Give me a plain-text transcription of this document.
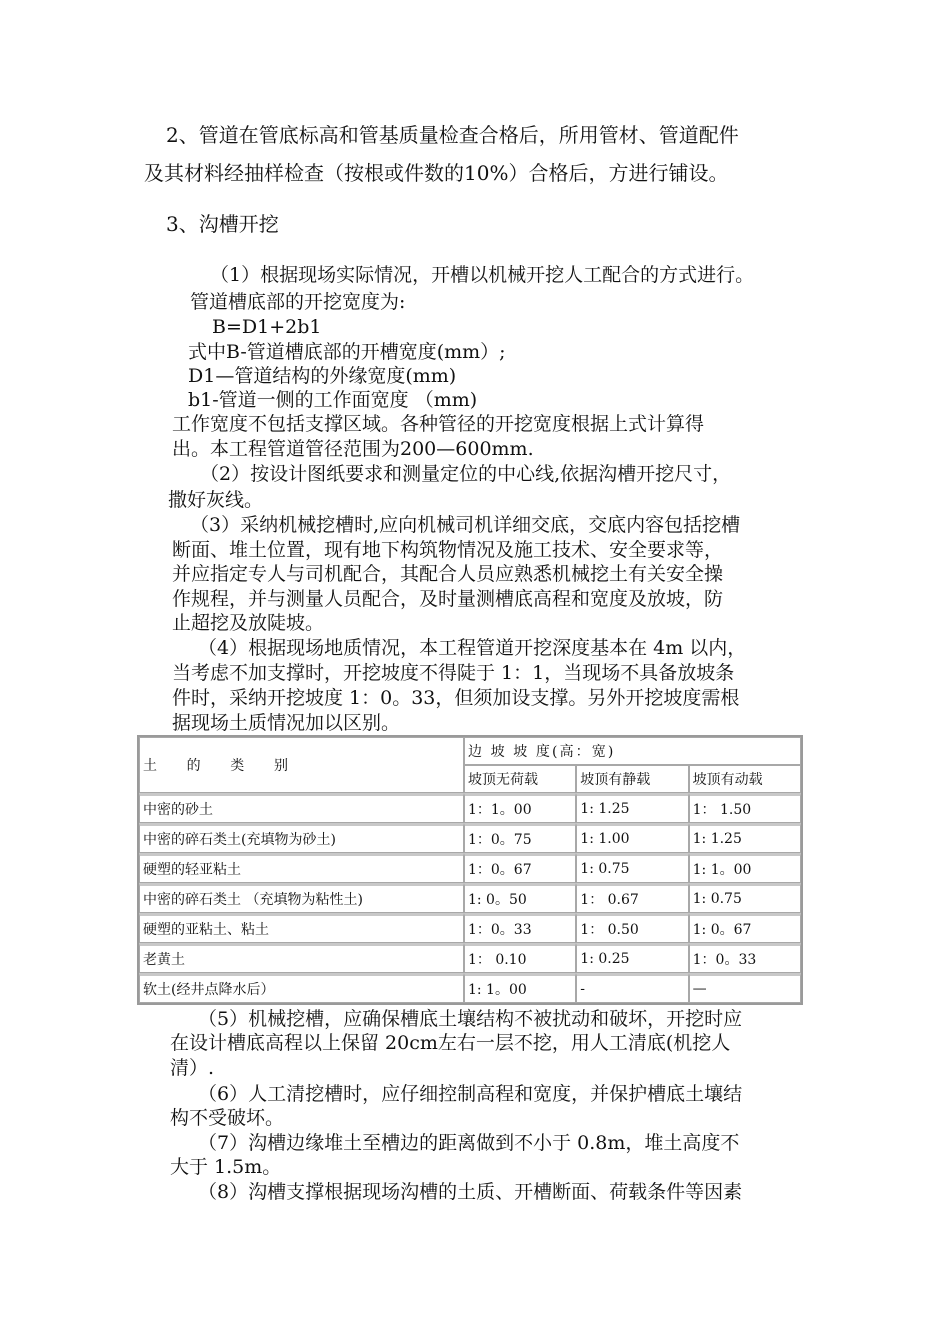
2、管道在管底标高和管基质量检查合格后，所用管材、管道配件
及其材料经抽样检查（按根或件数的10%）合格后，方进行铺设。
3、沟槽开挖
（1）根据现场实际情况，开槽以机械开挖人工配合的方式进行。
管道槽底部的开挖宽度为:
B=D1+2b1
式中B-管道槽底部的开槽宽度(mm）;
D1—管道结构的外缘宽度(mm)
b1-管道一侧的工作面宽度 （mm)
工作宽度不包括支撑区域。各种管径的开挖宽度根据上式计算得
出。本工程管道管径范围为200—600mm.
（2）按设计图纸要求和测量定位的中心线,依据沟槽开挖尺寸，
撒好灰线。
（3）采纳机械挖槽时,应向机械司机详细交底，交底内容包括挖槽
断面、堆土位置，现有地下构筑物情况及施工技术、安全要求等，
并应指定专人与司机配合，其配合人员应熟悉机械挖土有关安全操
作规程，并与测量人员配合，及时量测槽底高程和宽度及放坡，防
止超挖及放陡坡。
（4）根据现场地质情况，本工程管道开挖深度基本在 4m 以内，
当考虑不加支撑时，开挖坡度不得陡于 1：1，当现场不具备放坡条
件时，采纳开挖坡度 1：0。33，但须加设支撑。另外开挖坡度需根
据现场土质情况加以区别。
土 的 类 别	边 坡 坡 度(高：宽)		
	坡顶无荷载	坡顶有静载	坡顶有动载
中密的砂土	1：1。00	1: 1.25	1： 1.50
中密的碎石类土(充填物为砂土)	1：0。75	1: 1.00	1: 1.25
硬塑的轻亚粘土	1：0。67	1: 0.75	1: 1。00
中密的碎石类土 （充填物为粘性土)	1: 0。50	1： 0.67	1: 0.75
硬塑的亚粘土、粘土	1：0。33	1： 0.50	1: 0。67
老黄土	1： 0.10	1: 0.25	1：0。33
软土(经井点降水后）	1: 1。00	-	—
（5）机械挖槽，应确保槽底土壤结构不被扰动和破坏，开挖时应
在设计槽底高程以上保留 20cm左右一层不挖，用人工清底(机挖人
清）.
（6）人工清挖槽时，应仔细控制高程和宽度，并保护槽底土壤结
构不受破坏。
（7）沟槽边缘堆土至槽边的距离做到不小于 0.8m，堆土高度不
大于 1.5m。
（8）沟槽支撑根据现场沟槽的土质、开槽断面、荷载条件等因素
